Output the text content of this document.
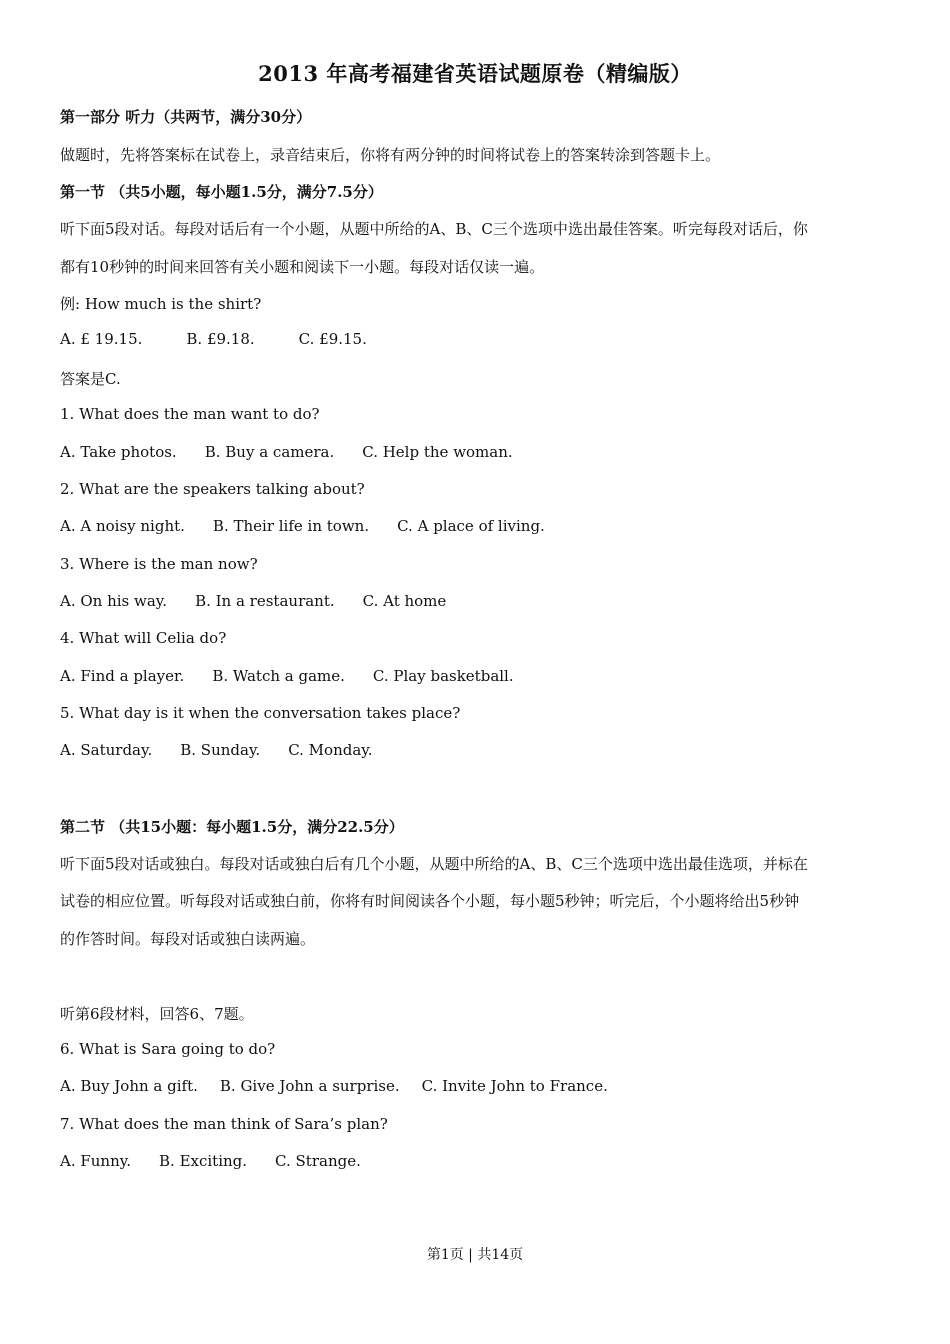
2013 年高考福建省英语试题原卷（精编版）
第一部分 听力（共两节，满分30分）
做题时，先将答案标在试卷上，录音结束后，你将有两分钟的时间将试卷上的答案转涂到答题卡上。
第一节 （共5小题，每小题1.5分，满分7.5分）
听下面5段对话。每段对话后有一个小题，从题中所给的A、B、C三个选项中选出最佳答案。听完每段对话后，你
都有10秒钟的时间来回答有关小题和阅读下一小题。每段对话仅读一遍。
例: How much is the shirt?
A. £ 19.15.	B. £9.18.	C. £9.15.
答案是C.
1. What does the man want to do?
A. Take photos. B. Buy a camera. C. Help the woman.
2. What are the speakers talking about?
A. A noisy night. B. Their life in town. C. A place of living.
3. Where is the man now?
A. On his way. B. In a restaurant. C. At home
4. What will Celia do?
A. Find a player. B. Watch a game. C. Play basketball.
5. What day is it when the conversation takes place?
A. Saturday. B. Sunday. C. Monday.
第二节 （共15小题：每小题1.5分，满分22.5分）
听下面5段对话或独白。每段对话或独白后有几个小题，从题中所给的A、B、C三个选项中选出最佳选项，并标在
试卷的相应位置。听每段对话或独白前，你将有时间阅读各个小题，每小题5秒钟；听完后，个小题将给出5秒钟
的作答时间。每段对话或独白读两遍。
听第6段材料，回答6、7题。
6. What is Sara going to do?
A. Buy John a gift. B. Give John a surprise. C. Invite John to France.
7. What does the man think of Sara’s plan?
A. Funny. B. Exciting. C. Strange.
第1页 | 共14页
